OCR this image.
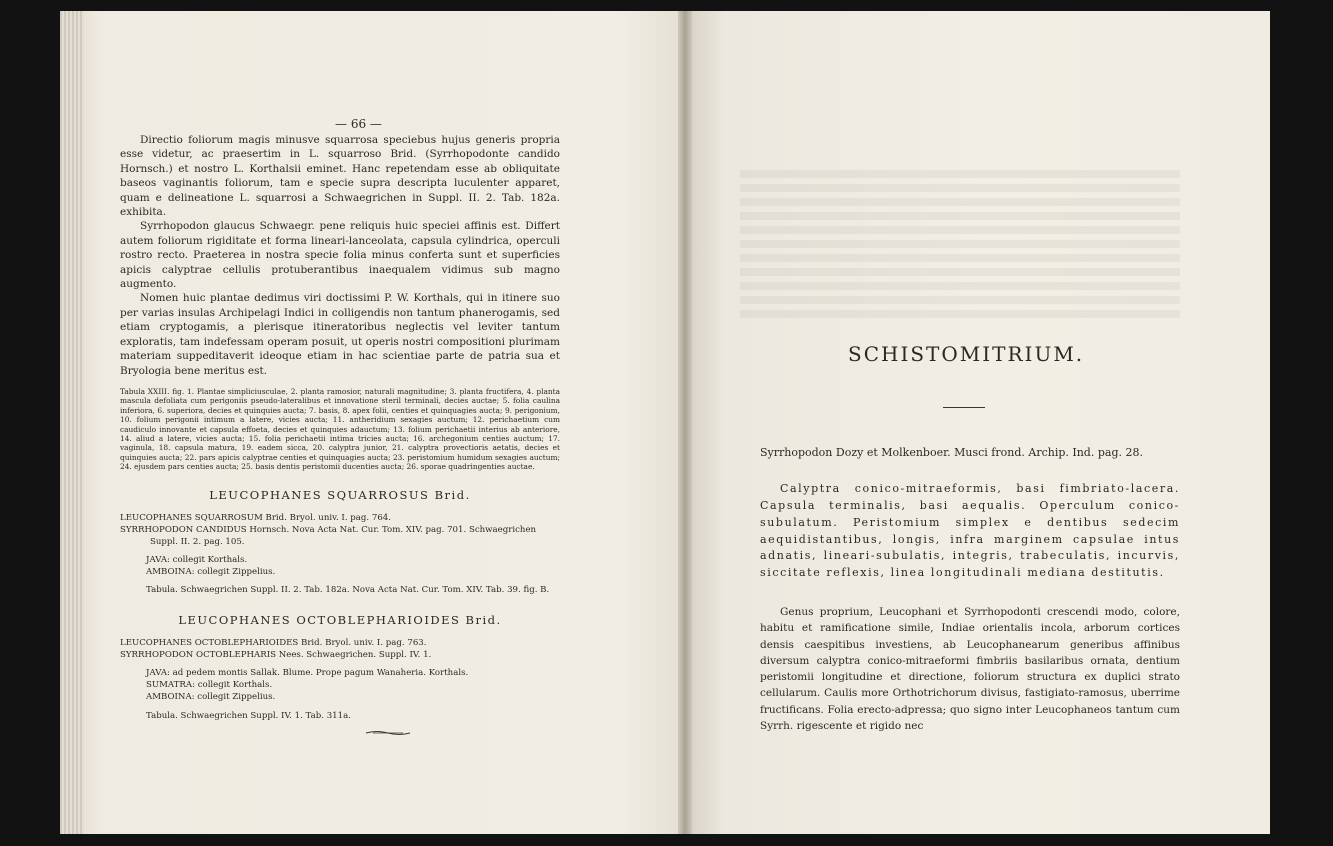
— 66 —

Directio foliorum magis minusve squarrosa speciebus hujus generis propria esse videtur, ac praesertim in L. squarroso Brid. (Syrrhopodonte candido Hornsch.) et nostro L. Korthalsii eminet. Hanc repetendam esse ab obliquitate baseos vaginantis foliorum, tam e specie supra descripta luculenter apparet, quam e delineatione L. squarrosi a Schwaegrichen in Suppl. II. 2. Tab. 182a. exhibita.

Syrrhopodon glaucus Schwaegr. pene reliquis huic speciei affinis est. Differt autem foliorum rigiditate et forma lineari-lanceolata, capsula cylindrica, operculi rostro recto. Praeterea in nostra specie folia minus conferta sunt et superficies apicis calyptrae cellulis protuberantibus inaequalem vidimus sub magno augmento.

Nomen huic plantae dedimus viri doctissimi P. W. Korthals, qui in itinere suo per varias insulas Archipelagi Indici in colligendis non tantum phanerogamis, sed etiam cryptogamis, a plerisque itineratoribus neglectis vel leviter tantum exploratis, tam indefessam operam posuit, ut operis nostri compositioni plurimam materiam suppeditaverit ideoque etiam in hac scientiae parte de patria sua et Bryologia bene meritus est.

Tabula XXIII. fig. 1. Plantae simpliciusculae, 2. planta ramosior, naturali magnitudine; 3. planta fructifera, 4. planta mascula defoliata cum perigoniis pseudo-lateralibus et innovatione steril terminali, decies auctae; 5. folia caulina inferiora, 6. superiora, decies et quinquies aucta; 7. basis, 8. apex folii, centies et quinquagies aucta; 9. perigonium, 10. folium perigonii intimum a latere, vicies aucta; 11. antheridium sexagies auctum; 12. perichaetium cum caudiculo innovante et capsula effoeta, decies et quinquies adauctum; 13. folium perichaetii interius ab anteriore, 14. aliud a latere, vicies aucta; 15. folia perichaetii intima tricies aucta; 16. archegonium centies auctum; 17. vaginula, 18. capsula matura, 19. eadem sicca, 20. calyptra junior, 21. calyptra provectioris aetatis, decies et quinquies aucta; 22. pars apicis calyptrae centies et quinquagies aucta; 23. peristomium humidum sexagies auctum; 24. ejusdem pars centies aucta; 25. basis dentis peristomii ducenties aucta; 26. sporae quadringenties auctae.
LEUCOPHANES SQUARROSUS Brid.
LEUCOPHANES SQUARROSUM Brid. Bryol. univ. I. pag. 764.
SYRRHOPODON CANDIDUS Hornsch. Nova Acta Nat. Cur. Tom. XIV. pag. 701. Schwaegrichen
Suppl. II. 2. pag. 105.
JAVA: collegit Korthals.
AMBOINA: collegit Zippelius.
Tabula. Schwaegrichen Suppl. II. 2. Tab. 182a. Nova Acta Nat. Cur. Tom. XIV. Tab. 39. fig. B.
LEUCOPHANES OCTOBLEPHARIOIDES Brid.
LEUCOPHANES OCTOBLEPHARIOIDES Brid. Bryol. univ. I. pag. 763.
SYRRHOPODON OCTOBLEPHARIS Nees. Schwaegrichen. Suppl. IV. 1.
JAVA: ad pedem montis Sallak. Blume. Prope pagum Wanaheria. Korthals.
SUMATRA: collegit Korthals.
AMBOINA: collegit Zippelius.
Tabula. Schwaegrichen Suppl. IV. 1. Tab. 311a.
SCHISTOMITRIUM.

Syrrhopodon Dozy et Molkenboer. Musci frond. Archip. Ind. pag. 28.

Calyptra conico-mitraeformis, basi fimbriato-lacera. Capsula terminalis, basi aequalis. Operculum conico-subulatum. Peristomium simplex e dentibus sedecim aequidistantibus, longis, infra marginem capsulae intus adnatis, lineari-subulatis, integris, trabeculatis, incurvis, siccitate reflexis, linea longitudinali mediana destitutis.

Genus proprium, Leucophani et Syrrhopodonti crescendi modo, colore, habitu et ramificatione simile, Indiae orientalis incola, arborum cortices densis caespitibus investiens, ab Leucophanearum generibus affinibus diversum calyptra conico-mitraeformi fimbriis basilaribus ornata, dentium peristomii longitudine et directione, foliorum structura ex duplici strato cellularum. Caulis more Orthotrichorum divisus, fastigiato-ramosus, uberrime fructificans. Folia erecto-adpressa; quo signo inter Leucophaneos tantum cum Syrrh. rigescente et rigido nec
